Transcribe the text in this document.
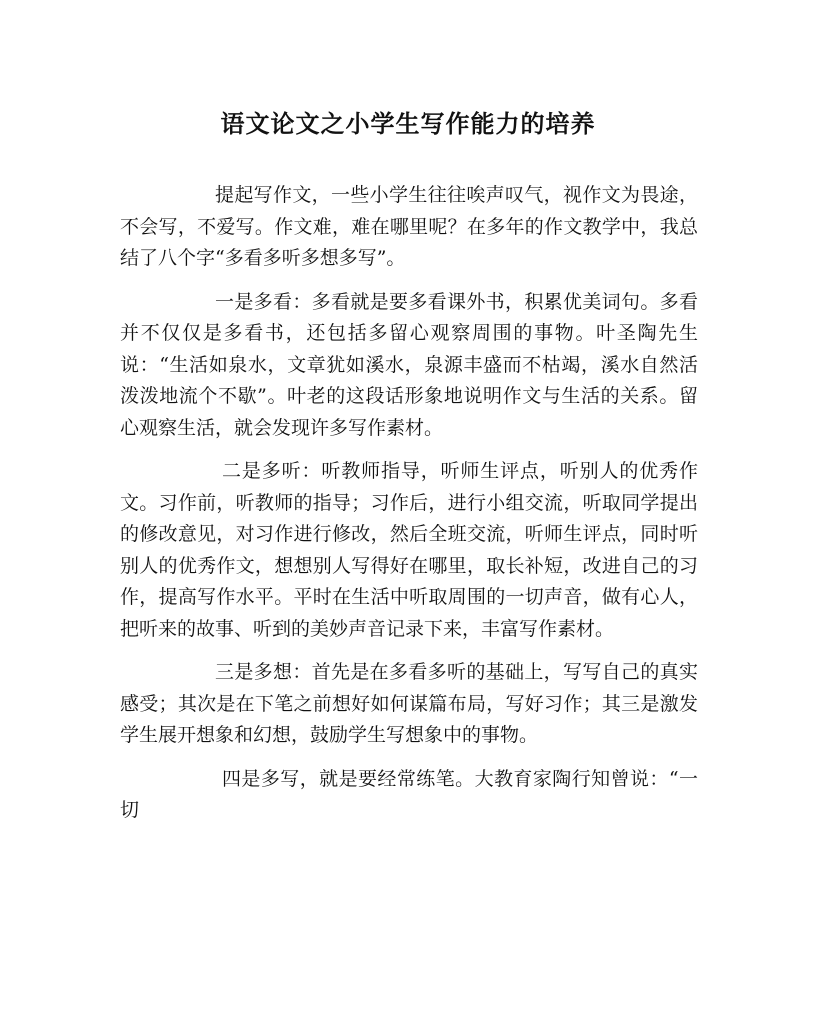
语文论文之小学生写作能力的培养

提起写作文，一些小学生往往唉声叹气，视作文为畏途，不会写，不爱写。作文难，难在哪里呢？在多年的作文教学中，我总结了八个字“多看多听多想多写”。

一是多看：多看就是要多看课外书，积累优美词句。多看并不仅仅是多看书，还包括多留心观察周围的事物。叶圣陶先生说：“生活如泉水，文章犹如溪水，泉源丰盛而不枯竭，溪水自然活泼泼地流个不歇”。叶老的这段话形象地说明作文与生活的关系。留心观察生活，就会发现许多写作素材。

二是多听：听教师指导，听师生评点，听别人的优秀作文。习作前，听教师的指导；习作后，进行小组交流，听取同学提出的修改意见，对习作进行修改，然后全班交流，听师生评点，同时听别人的优秀作文，想想别人写得好在哪里，取长补短，改进自己的习作，提高写作水平。平时在生活中听取周围的一切声音，做有心人，把听来的故事、听到的美妙声音记录下来，丰富写作素材。

三是多想：首先是在多看多听的基础上，写写自己的真实感受；其次是在下笔之前想好如何谋篇布局，写好习作；其三是激发学生展开想象和幻想，鼓励学生写想象中的事物。

四是多写，就是要经常练笔。大教育家陶行知曾说：“一切
